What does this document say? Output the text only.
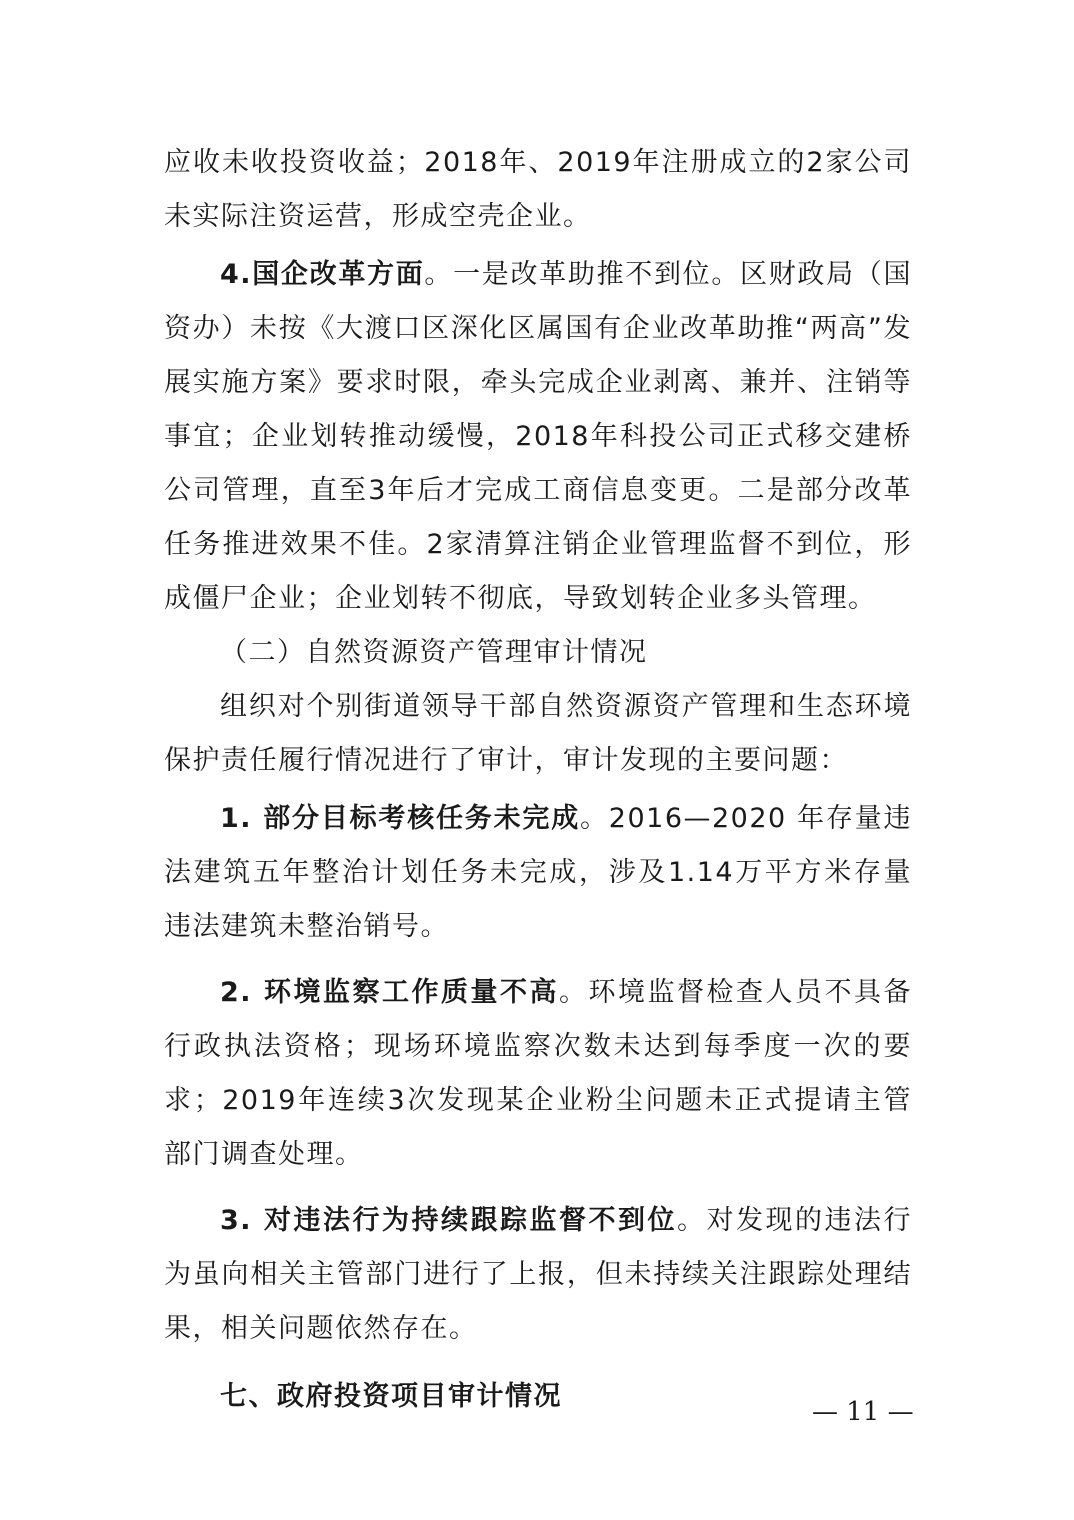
应收未收投资收益；2018年、2019年注册成立的2家公司未实际注资运营，形成空壳企业。

4.国企改革方面。一是改革助推不到位。区财政局（国资办）未按《大渡口区深化区属国有企业改革助推“两高”发展实施方案》要求时限，牵头完成企业剥离、兼并、注销等事宜；企业划转推动缓慢，2018年科投公司正式移交建桥公司管理，直至3年后才完成工商信息变更。二是部分改革任务推进效果不佳。2家清算注销企业管理监督不到位，形成僵尸企业；企业划转不彻底，导致划转企业多头管理。

（二）自然资源资产管理审计情况

组织对个别街道领导干部自然资源资产管理和生态环境保护责任履行情况进行了审计，审计发现的主要问题：

1. 部分目标考核任务未完成。2016—2020 年存量违法建筑五年整治计划任务未完成，涉及1.14万平方米存量违法建筑未整治销号。

2. 环境监察工作质量不高。环境监督检查人员不具备行政执法资格；现场环境监察次数未达到每季度一次的要求；2019年连续3次发现某企业粉尘问题未正式提请主管部门调查处理。

3. 对违法行为持续跟踪监督不到位。对发现的违法行为虽向相关主管部门进行了上报，但未持续关注跟踪处理结果，相关问题依然存在。

七、政府投资项目审计情况	— 11 —
